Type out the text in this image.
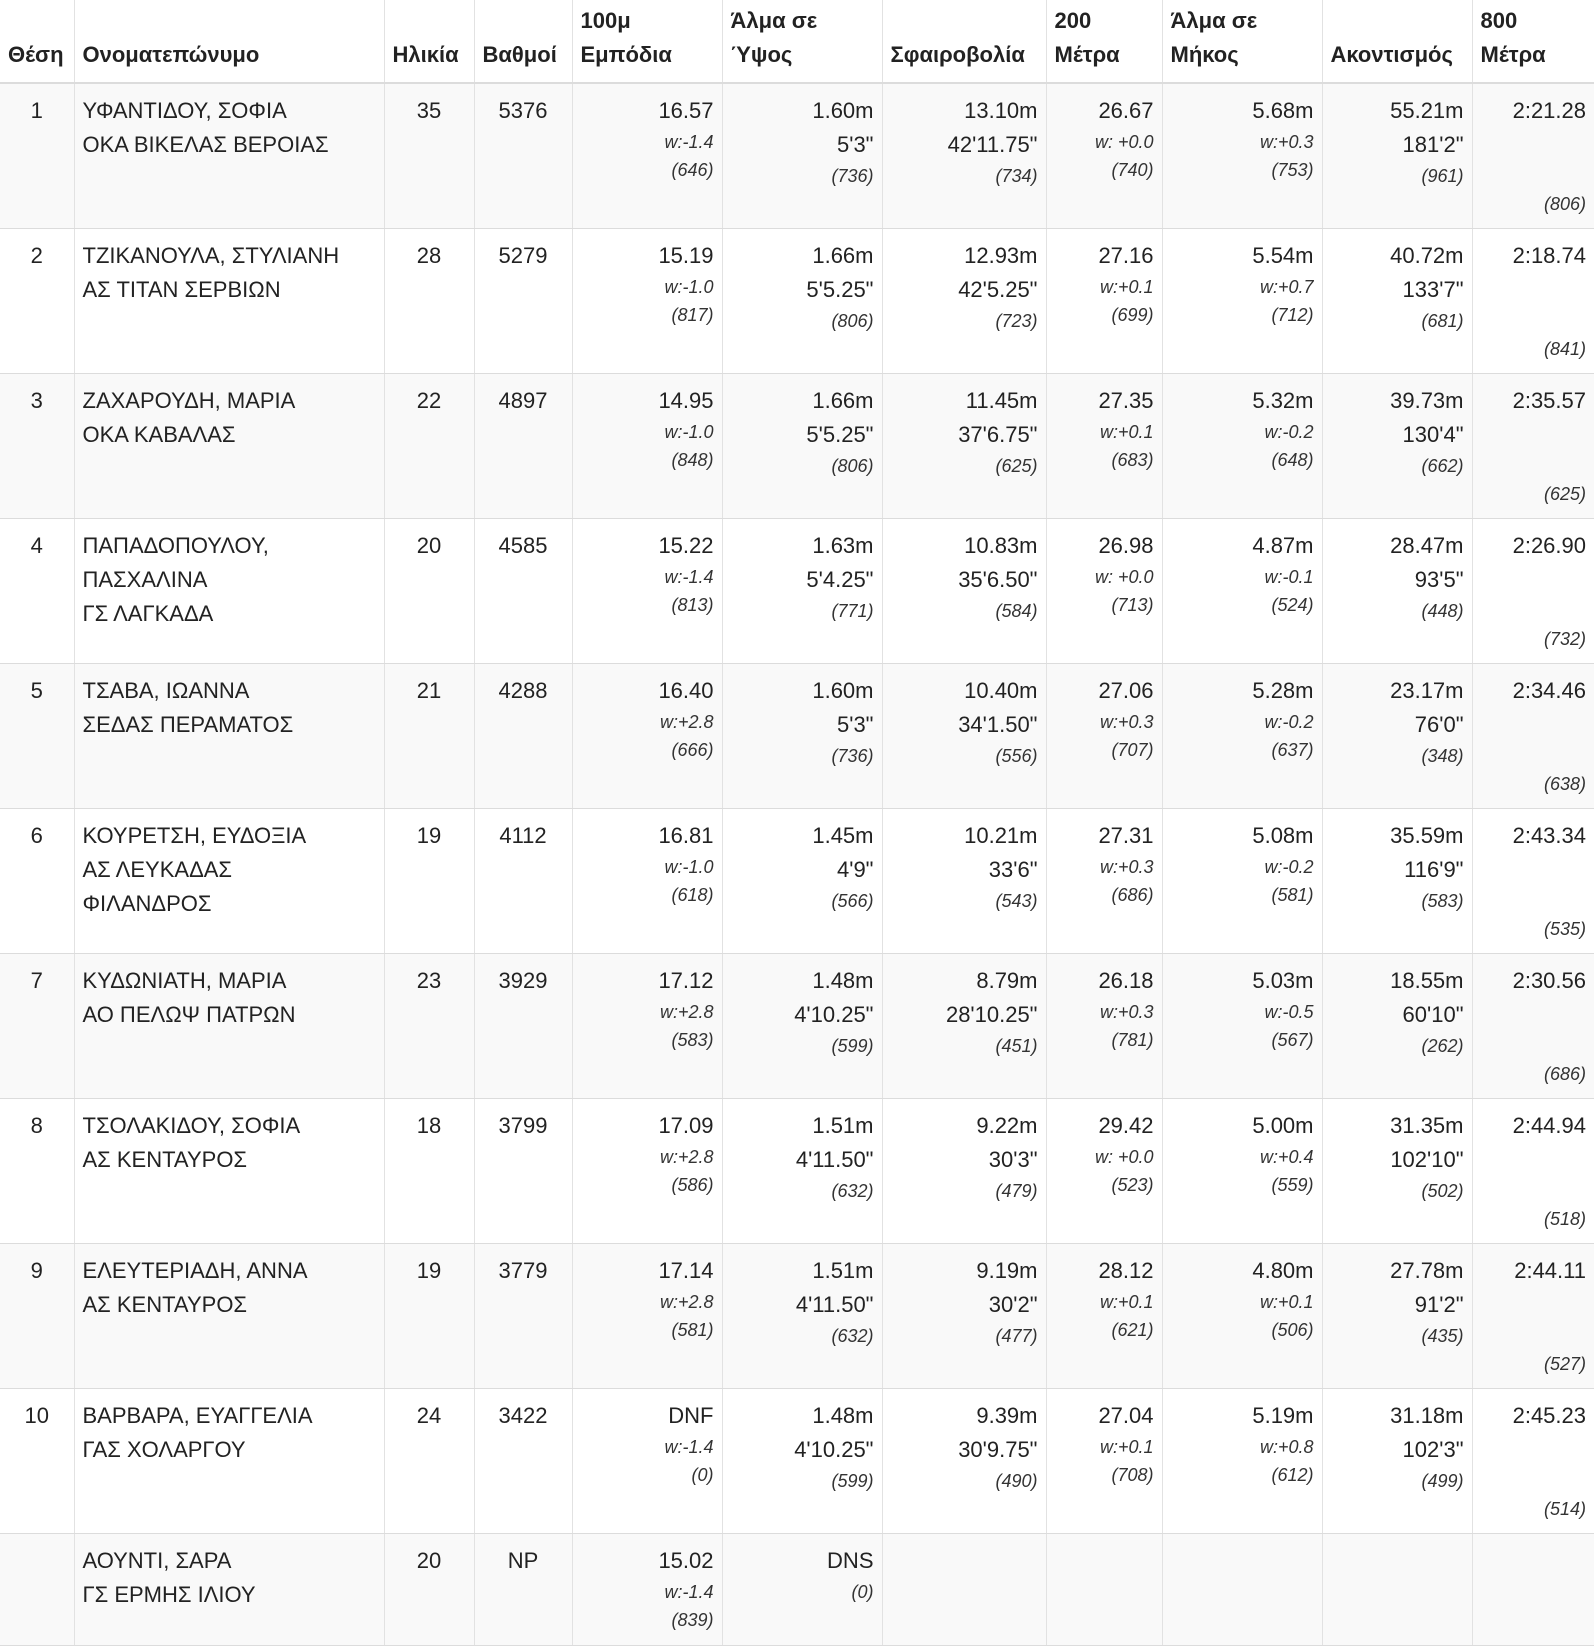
Θέση	Ονοματεπώνυμο	Ηλικία	Βαθμοί	100μ Εμπόδια	Άλμα σε Ύψος	Σφαιροβολία	200 Μέτρα	Άλμα σε Μήκος	Ακοντισμός	800 Μέτρα
1	ΥΦΑΝΤΙΔΟΥ, ΣΟΦΙΑ
ΟΚΑ ΒΙΚΕΛΑΣ ΒΕΡΟΙΑΣ	35	5376	16.57
w:-1.4
(646)	1.60m
5'3"
(736)	13.10m
42'11.75"
(734)	26.67
w: +0.0
(740)	5.68m
w:+0.3
(753)	55.21m
181'2"
(961)	2:21.28
(806)

2	ΤΖΙΚΑΝΟΥΛΑ, ΣΤΥΛΙΑΝΗ
ΑΣ ΤΙΤΑΝ ΣΕΡΒΙΩΝ	28	5279	15.19
w:-1.0
(817)	1.66m
5'5.25"
(806)	12.93m
42'5.25"
(723)	27.16
w:+0.1
(699)	5.54m
w:+0.7
(712)	40.72m
133'7"
(681)	2:18.74
(841)

3	ΖΑΧΑΡΟΥΔΗ, ΜΑΡΙΑ
ΟΚΑ ΚΑΒΑΛΑΣ	22	4897	14.95
w:-1.0
(848)	1.66m
5'5.25"
(806)	11.45m
37'6.75"
(625)	27.35
w:+0.1
(683)	5.32m
w:-0.2
(648)	39.73m
130'4"
(662)	2:35.57
(625)

4	ΠΑΠΑΔΟΠΟΥΛΟΥ,
ΠΑΣΧΑΛΙΝΑ
ΓΣ ΛΑΓΚΑΔΑ	20	4585	15.22
w:-1.4
(813)	1.63m
5'4.25"
(771)	10.83m
35'6.50"
(584)	26.98
w: +0.0
(713)	4.87m
w:-0.1
(524)	28.47m
93'5"
(448)	2:26.90
(732)

5	ΤΣΑΒΑ, ΙΩΑΝΝΑ
ΣΕΔΑΣ ΠΕΡΑΜΑΤΟΣ	21	4288	16.40
w:+2.8
(666)	1.60m
5'3"
(736)	10.40m
34'1.50"
(556)	27.06
w:+0.3
(707)	5.28m
w:-0.2
(637)	23.17m
76'0"
(348)	2:34.46
(638)

6	ΚΟΥΡΕΤΣΗ, ΕΥΔΟΞΙΑ
ΑΣ ΛΕΥΚΑΔΑΣ
ΦΙΛΑΝΔΡΟΣ	19	4112	16.81
w:-1.0
(618)	1.45m
4'9"
(566)	10.21m
33'6"
(543)	27.31
w:+0.3
(686)	5.08m
w:-0.2
(581)	35.59m
116'9"
(583)	2:43.34
(535)

7	ΚΥΔΩΝΙΑΤΗ, ΜΑΡΙΑ
ΑΟ ΠΕΛΩΨ ΠΑΤΡΩΝ	23	3929	17.12
w:+2.8
(583)	1.48m
4'10.25"
(599)	8.79m
28'10.25"
(451)	26.18
w:+0.3
(781)	5.03m
w:-0.5
(567)	18.55m
60'10"
(262)	2:30.56
(686)

8	ΤΣΟΛΑΚΙΔΟΥ, ΣΟΦΙΑ
ΑΣ ΚΕΝΤΑΥΡΟΣ	18	3799	17.09
w:+2.8
(586)	1.51m
4'11.50"
(632)	9.22m
30'3"
(479)	29.42
w: +0.0
(523)	5.00m
w:+0.4
(559)	31.35m
102'10"
(502)	2:44.94
(518)

9	ΕΛΕΥΤΕΡΙΑΔΗ, ΑΝΝΑ
ΑΣ ΚΕΝΤΑΥΡΟΣ	19	3779	17.14
w:+2.8
(581)	1.51m
4'11.50"
(632)	9.19m
30'2"
(477)	28.12
w:+0.1
(621)	4.80m
w:+0.1
(506)	27.78m
91'2"
(435)	2:44.11
(527)

10	ΒΑΡΒΑΡΑ, ΕΥΑΓΓΕΛΙΑ
ΓΑΣ ΧΟΛΑΡΓΟΥ	24	3422	DNF
w:-1.4
(0)	1.48m
4'10.25"
(599)	9.39m
30'9.75"
(490)	27.04
w:+0.1
(708)	5.19m
w:+0.8
(612)	31.18m
102'3"
(499)	2:45.23
(514)

	ΑΟΥΝΤΙ, ΣΑΡΑ
ΓΣ ΕΡΜΗΣ ΙΛΙΟΥ	20	NP	15.02
w:-1.4
(839)	DNS
(0)					
